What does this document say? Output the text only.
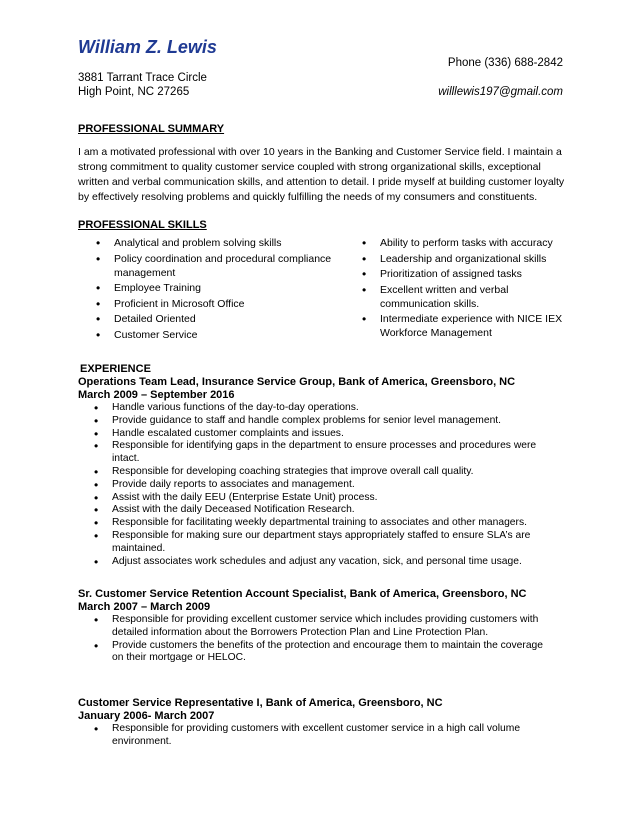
William Z. Lewis
Phone (336) 688-2842
3881 Tarrant Trace Circle
High Point, NC 27265	willlewis197@gmail.com
PROFESSIONAL SUMMARY

I am a motivated professional with over 10 years in the Banking and Customer Service field. I maintain a

strong commitment to quality customer service coupled with strong organizational skills, exceptional

written and verbal communication skills, and attention to detail. I pride myself at building customer loyalty

by effectively resolving problems and quickly fulfilling the needs of my consumers and constituents.

PROFESSIONAL SKILLS
• Analytical and problem solving skills
• Policy coordination and procedural compliance management
• Employee Training
• Proficient in Microsoft Office
• Detailed Oriented
• Customer Service
• Ability to perform tasks with accuracy
• Leadership and organizational skills
• Prioritization of assigned tasks
• Excellent written and verbal communication skills.
• Intermediate experience with NICE IEX Workforce Management
EXPERIENCE
Operations Team Lead, Insurance Service Group, Bank of America, Greensboro, NC
March 2009 – September 2016
• Handle various functions of the day-to-day operations.
• Provide guidance to staff and handle complex problems for senior level management.
• Handle escalated customer complaints and issues.
• Responsible for identifying gaps in the department to ensure processes and procedures were intact.
• Responsible for developing coaching strategies that improve overall call quality.
• Provide daily reports to associates and management.
• Assist with the daily EEU (Enterprise Estate Unit) process.
• Assist with the daily Deceased Notification Research.
• Responsible for facilitating weekly departmental training to associates and other managers.
• Responsible for making sure our department stays appropriately staffed to ensure SLA’s are maintained.
• Adjust associates work schedules and adjust any vacation, sick, and personal time usage.
Sr. Customer Service Retention Account Specialist, Bank of America, Greensboro, NC
March 2007 – March 2009
• Responsible for providing excellent customer service which includes providing customers with detailed information about the Borrowers Protection Plan and Line Protection Plan.
• Provide customers the benefits of the protection and encourage them to maintain the coverage on their mortgage or HELOC.
Customer Service Representative I, Bank of America, Greensboro, NC
January 2006- March 2007
• Responsible for providing customers with excellent customer service in a high call volume environment.
